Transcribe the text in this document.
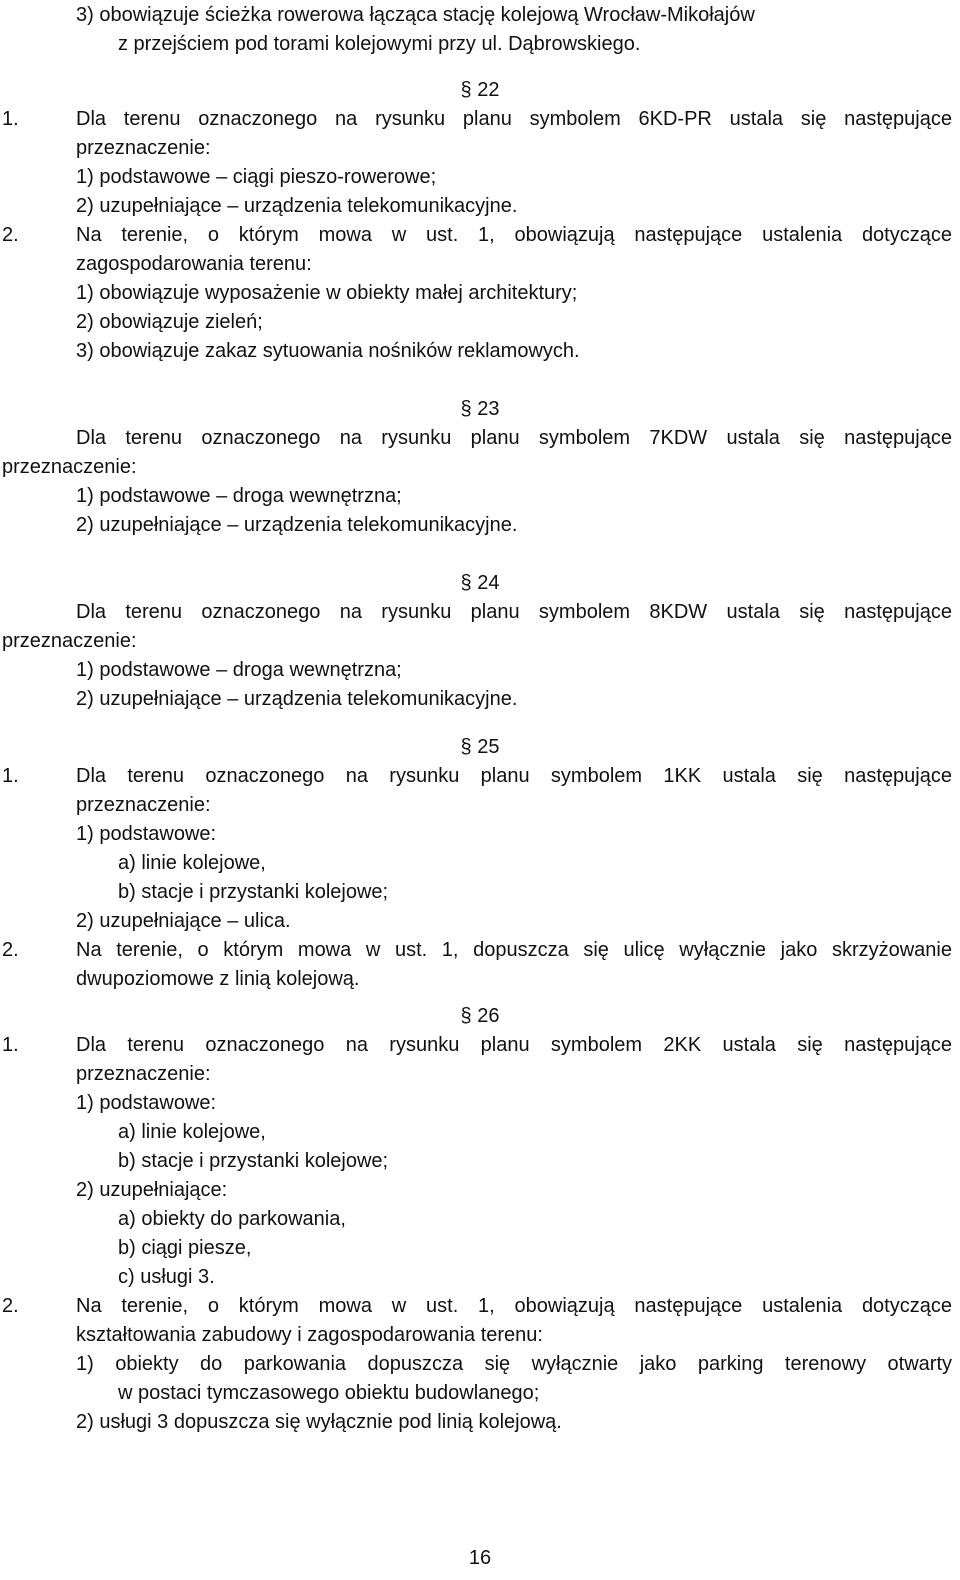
3) obowiązuje ścieżka rowerowa łącząca stację kolejową Wrocław-Mikołajów
z przejściem pod torami kolejowymi przy ul. Dąbrowskiego.
§ 22
1.	Dla terenu oznaczonego na rysunku planu symbolem 6KD-PR ustala się następujące
przeznaczenie:
1) podstawowe – ciągi pieszo-rowerowe;
2) uzupełniające – urządzenia telekomunikacyjne.
2.	Na terenie, o którym mowa w ust. 1, obowiązują następujące ustalenia dotyczące
zagospodarowania terenu:
1) obowiązuje wyposażenie w obiekty małej architektury;
2) obowiązuje zieleń;
3) obowiązuje zakaz sytuowania nośników reklamowych.
§ 23
Dla terenu oznaczonego na rysunku planu symbolem 7KDW ustala się następujące
przeznaczenie:
1) podstawowe – droga wewnętrzna;
2) uzupełniające – urządzenia telekomunikacyjne.
§ 24
Dla terenu oznaczonego na rysunku planu symbolem 8KDW ustala się następujące
przeznaczenie:
1) podstawowe – droga wewnętrzna;
2) uzupełniające – urządzenia telekomunikacyjne.
§ 25
1.	Dla terenu oznaczonego na rysunku planu symbolem 1KK ustala się następujące
przeznaczenie:
1) podstawowe:
a) linie kolejowe,
b) stacje i przystanki kolejowe;
2) uzupełniające – ulica.
2.	Na terenie, o którym mowa w ust. 1, dopuszcza się ulicę wyłącznie jako skrzyżowanie
dwupoziomowe z linią kolejową.
§ 26
1.	Dla terenu oznaczonego na rysunku planu symbolem 2KK ustala się następujące
przeznaczenie:
1) podstawowe:
a) linie kolejowe,
b) stacje i przystanki kolejowe;
2) uzupełniające:
a) obiekty do parkowania,
b) ciągi piesze,
c) usługi 3.
2.	Na terenie, o którym mowa w ust. 1, obowiązują następujące ustalenia dotyczące
kształtowania zabudowy i zagospodarowania terenu:
1) obiekty do parkowania dopuszcza się wyłącznie jako parking terenowy otwarty
w postaci tymczasowego obiektu budowlanego;
2) usługi 3 dopuszcza się wyłącznie pod linią kolejową.
16
